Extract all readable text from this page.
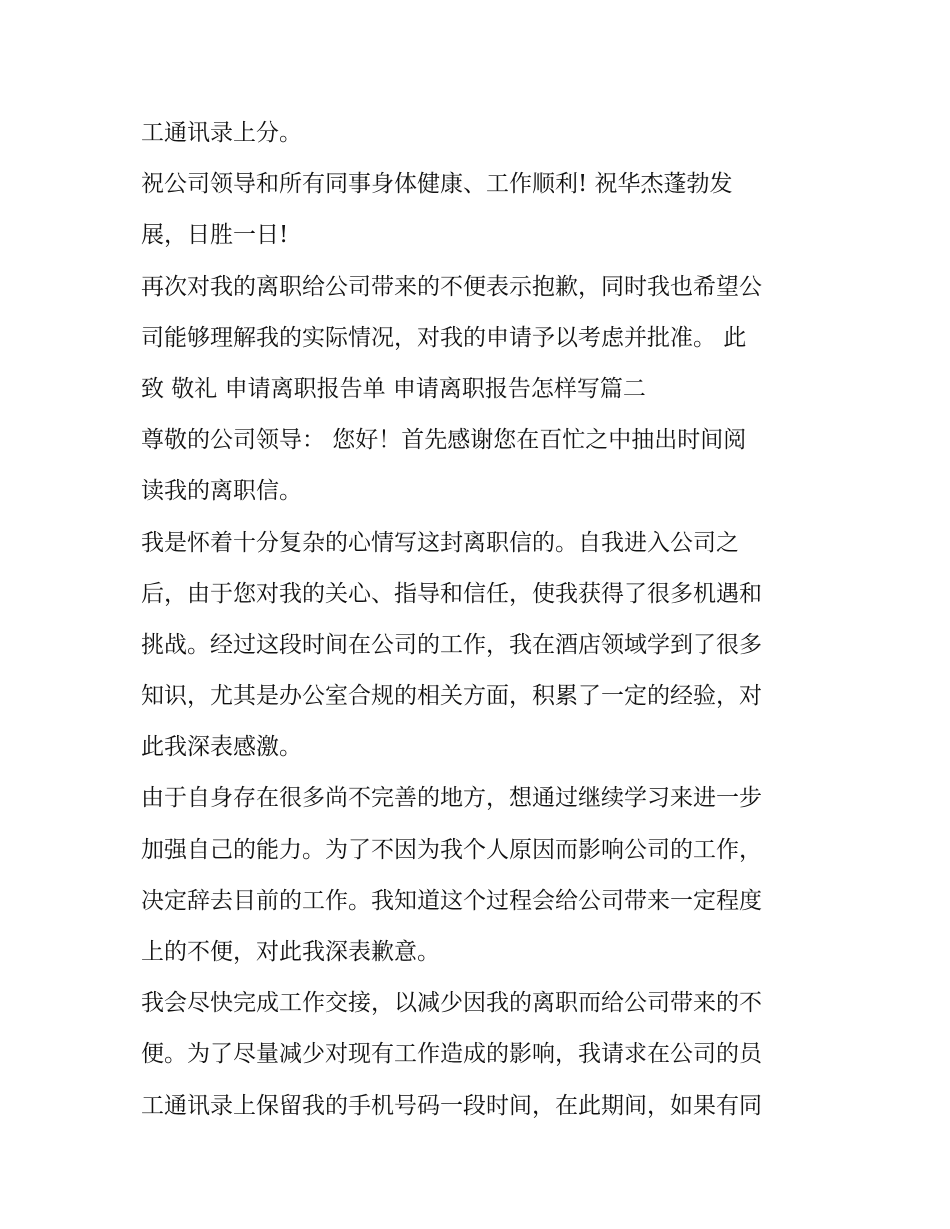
工通讯录上分。
祝公司领导和所有同事身体健康、工作顺利! 祝华杰蓬勃发
展，日胜一日!
再次对我的离职给公司带来的不便表示抱歉，同时我也希望公
司能够理解我的实际情况，对我的申请予以考虑并批准。 此
致 敬礼 申请离职报告单 申请离职报告怎样写篇二
尊敬的公司领导： 您好！首先感谢您在百忙之中抽出时间阅
读我的离职信。
我是怀着十分复杂的心情写这封离职信的。自我进入公司之
后，由于您对我的关心、指导和信任，使我获得了很多机遇和
挑战。经过这段时间在公司的工作，我在酒店领域学到了很多
知识，尤其是办公室合规的相关方面，积累了一定的经验，对
此我深表感激。
由于自身存在很多尚不完善的地方，想通过继续学习来进一步
加强自己的能力。为了不因为我个人原因而影响公司的工作，
决定辞去目前的工作。我知道这个过程会给公司带来一定程度
上的不便，对此我深表歉意。
我会尽快完成工作交接，以减少因我的离职而给公司带来的不
便。为了尽量减少对现有工作造成的影响，我请求在公司的员
工通讯录上保留我的手机号码一段时间，在此期间，如果有同
